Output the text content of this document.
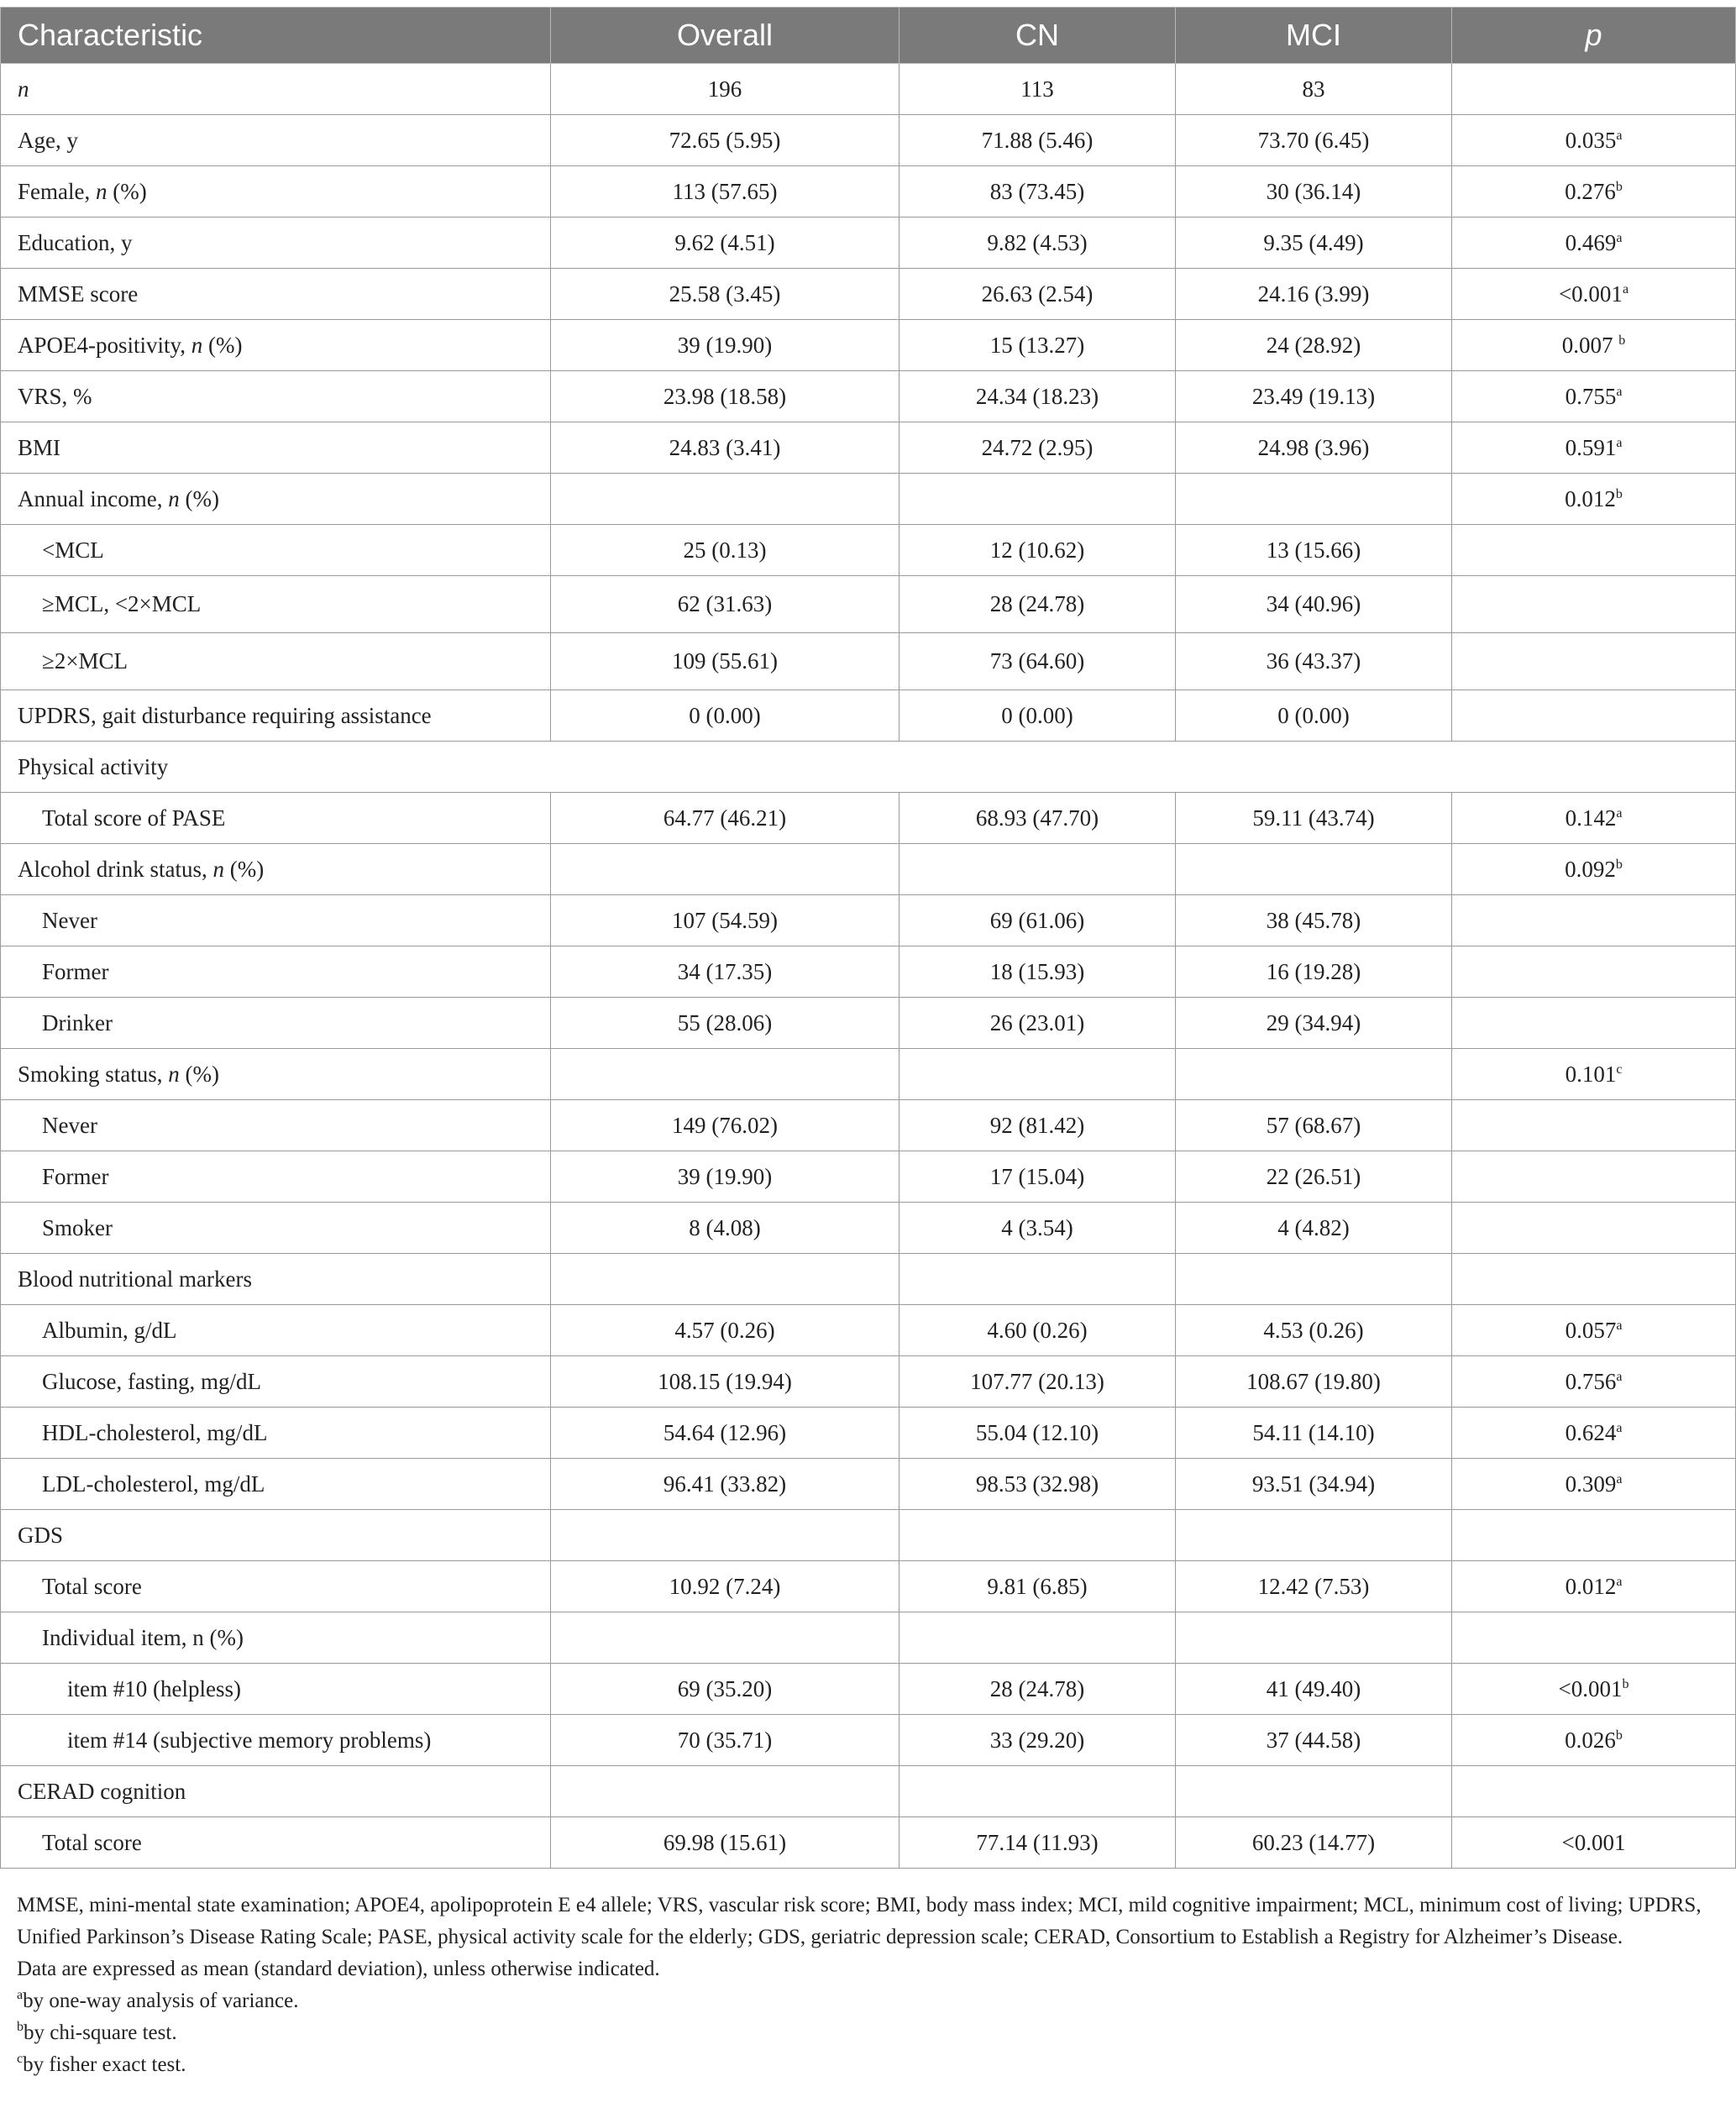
Characteristic	Overall	CN	MCI	p
n	196	113	83	
Age, y	72.65 (5.95)	71.88 (5.46)	73.70 (6.45)	0.035$^a$
Female, n (%)	113 (57.65)	83 (73.45)	30 (36.14)	0.276$^b$
Education, y	9.62 (4.51)	9.82 (4.53)	9.35 (4.49)	0.469$^a$
MMSE score	25.58 (3.45)	26.63 (2.54)	24.16 (3.99)	<0.001$^a$
APOE4-positivity, n (%)	39 (19.90)	15 (13.27)	24 (28.92)	0.007 $^b$
VRS, %	23.98 (18.58)	24.34 (18.23)	23.49 (19.13)	0.755$^a$
BMI	24.83 (3.41)	24.72 (2.95)	24.98 (3.96)	0.591$^a$
Annual income, n (%)				0.012$^b$
<MCL	25 (0.13)	12 (10.62)	13 (15.66)	
≥MCL, <2×MCL	62 (31.63)	28 (24.78)	34 (40.96)	
≥2×MCL	109 (55.61)	73 (64.60)	36 (43.37)	
UPDRS, gait disturbance requiring assistance	0 (0.00)	0 (0.00)	0 (0.00)	
Physical activity				
Total score of PASE	64.77 (46.21)	68.93 (47.70)	59.11 (43.74)	0.142$^a$
Alcohol drink status, n (%)				0.092$^b$
Never	107 (54.59)	69 (61.06)	38 (45.78)	
Former	34 (17.35)	18 (15.93)	16 (19.28)	
Drinker	55 (28.06)	26 (23.01)	29 (34.94)	
Smoking status, n (%)				0.101$^c$
Never	149 (76.02)	92 (81.42)	57 (68.67)	
Former	39 (19.90)	17 (15.04)	22 (26.51)	
Smoker	8 (4.08)	4 (3.54)	4 (4.82)	
Blood nutritional markers				
Albumin, g/dL	4.57 (0.26)	4.60 (0.26)	4.53 (0.26)	0.057$^a$
Glucose, fasting, mg/dL	108.15 (19.94)	107.77 (20.13)	108.67 (19.80)	0.756$^a$
HDL-cholesterol, mg/dL	54.64 (12.96)	55.04 (12.10)	54.11 (14.10)	0.624$^a$
LDL-cholesterol, mg/dL	96.41 (33.82)	98.53 (32.98)	93.51 (34.94)	0.309$^a$
GDS				
Total score	10.92 (7.24)	9.81 (6.85)	12.42 (7.53)	0.012$^a$
Individual item, n (%)				
item #10 (helpless)	69 (35.20)	28 (24.78)	41 (49.40)	<0.001$^b$
item #14 (subjective memory problems)	70 (35.71)	33 (29.20)	37 (44.58)	0.026$^b$
CERAD cognition				
Total score	69.98 (15.61)	77.14 (11.93)	60.23 (14.77)	<0.001

MMSE, mini-mental state examination; APOE4, apolipoprotein E e4 allele; VRS, vascular risk score; BMI, body mass index; MCI, mild cognitive impairment; MCL, minimum cost of living; UPDRS, Unified Parkinson’s Disease Rating Scale; PASE, physical activity scale for the elderly; GDS, geriatric depression scale; CERAD, Consortium to Establish a Registry for Alzheimer’s Disease.

Data are expressed as mean (standard deviation), unless otherwise indicated.

$^a$by one-way analysis of variance.

$^b$by chi-square test.

$^c$by fisher exact test.
